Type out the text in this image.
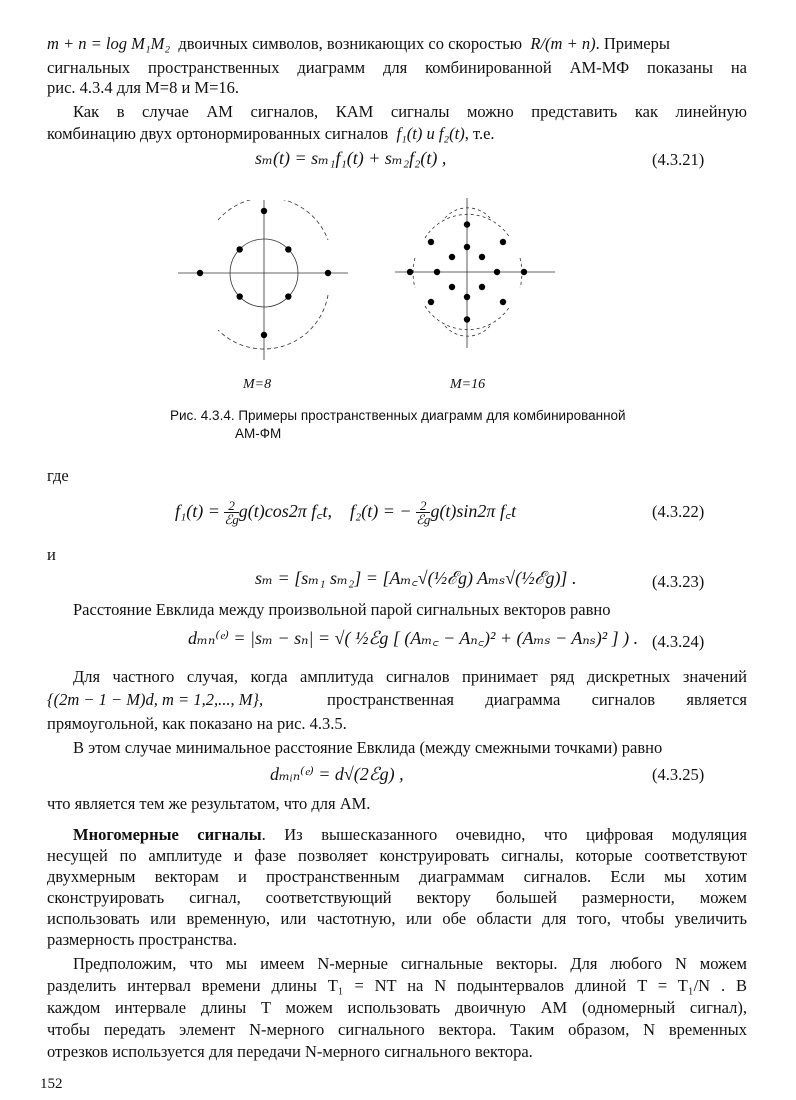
m + n = log M₁M₂ двоичных символов, возникающих со скоростью R/(m + n). Примеры
сигнальных пространственных диаграмм для комбинированной АМ-МФ показаны на
рис. 4.3.4 для М=8 и М=16.
Как в случае АМ сигналов, КАМ сигналы можно представить как линейную
комбинацию двух ортонормированных сигналов f₁(t) и f₂(t), т.е.
sₘ(t) = sₘ₁f₁(t) + sₘ₂f₂(t) ,	(4.3.21)
M=8	M=16
Рис. 4.3.4. Примеры пространственных диаграмм для комбинированной
АМ-ФМ
где
$f_1(t) = \frac{2}{\text{ℰg}} g(t)\cos 2\pi$ f꜀t, f₂(t) = − $\frac{2}{\text{ℰg}} g(t)\sin 2\pi$ f꜀t	(4.3.22)
и
sₘ = [sₘ₁ sₘ₂] = [Aₘ꜀√(½ℰg) Aₘₛ√(½ℰg)] .	(4.3.23)
Расстояние Евклида между произвольной парой сигнальных векторов равно
dₘₙ⁽ᵉ⁾ = |sₘ − sₙ| = √( ½ℰg [ (Aₘ꜀ − Aₙ꜀)² + (Aₘₛ − Aₙₛ)² ] ) . (4.3.24)
Для частного случая, когда амплитуда сигналов принимает ряд дискретных значений
{(2m − 1 − M)d, m = 1,2,..., M},	пространственная диаграмма сигналов является
прямоугольной, как показано на рис. 4.3.5.
В этом случае минимальное расстояние Евклида (между смежными точками) равно
dₘᵢₙ⁽ᵉ⁾ = d√(2ℰg) ,	(4.3.25)
что является тем же результатом, что для АМ.
Многомерные сигналы. Из вышесказанного очевидно, что цифровая модуляция
несущей по амплитуде и фазе позволяет конструировать сигналы, которые соответствуют
двухмерным векторам и пространственным диаграммам сигналов. Если мы хотим
сконструировать сигнал, соответствующий вектору большей размерности, можем
использовать или временную, или частотную, или обе области для того, чтобы увеличить
размерность пространства.
Предположим, что мы имеем N-мерные сигнальные векторы. Для любого N можем
разделить интервал времени длины T₁ = NT на N подынтервалов длиной T = T₁/N . В
каждом интервале длины T можем использовать двоичную АМ (одномерный сигнал),
чтобы передать элемент N-мерного сигнального вектора. Таким образом, N временных
отрезков используется для передачи N-мерного сигнального вектора.
152
